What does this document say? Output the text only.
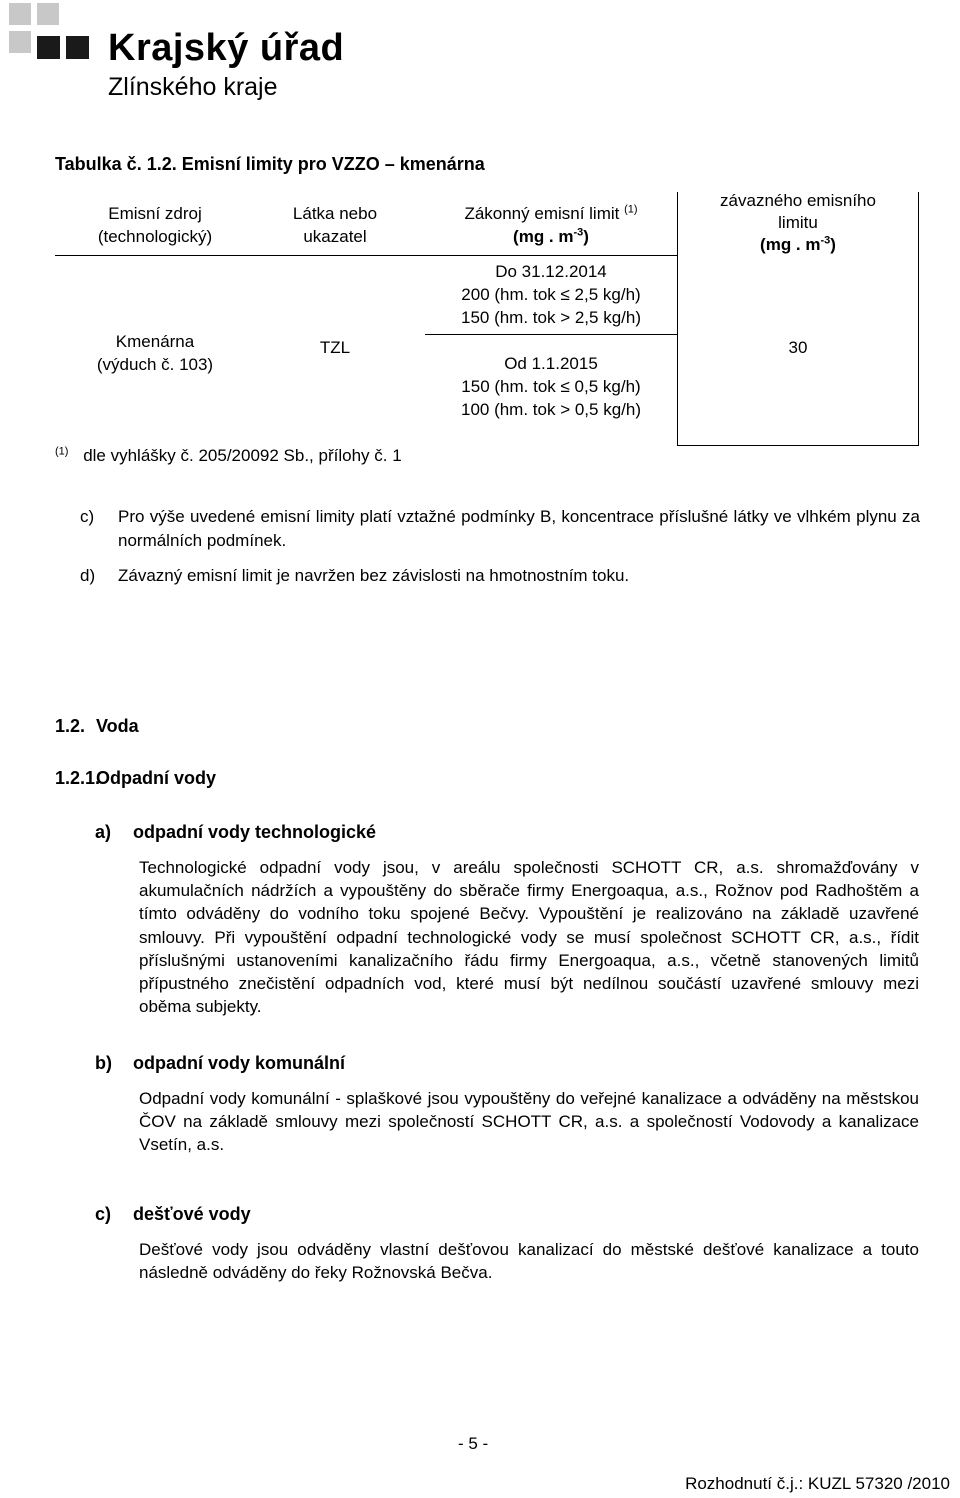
Krajský úřad
Zlínského kraje
Tabulka č. 1.2. Emisní limity pro VZZO – kmenárna
Emisní zdroj
(technologický)
Látka nebo
ukazatel
Zákonný emisní limit $^{(1)}$
(mg . $m^{-3}$)
závazného emisního
limitu
(mg . $m^{-3}$)
Kmenárna
(výduch č. 103)
TZL
Do 31.12.2014
200 (hm. tok ≤ 2,5 kg/h)
150 (hm. tok > 2,5 kg/h)
Od 1.1.2015
150 (hm. tok ≤ 0,5 kg/h)
100 (hm. tok > 0,5 kg/h)
30
$^{(1)}$ dle vyhlášky č. 205/20092 Sb., přílohy č. 1
c) Pro výše uvedené emisní limity platí vztažné podmínky B, koncentrace příslušné látky ve vlhkém plynu za normálních podmínek.
d) Závazný emisní limit je navržen bez závislosti na hmotnostním toku.
1.2. Voda
1.2.1.Odpadní vody
a) odpadní vody technologické
Technologické odpadní vody jsou, v areálu společnosti SCHOTT CR, a.s. shromažďovány v akumulačních nádržích a vypouštěny do sběrače firmy Energoaqua, a.s., Rožnov pod Radhoštěm a tímto odváděny do vodního toku spojené Bečvy. Vypouštění je realizováno na základě uzavřené smlouvy. Při vypouštění odpadní technologické vody se musí společnost SCHOTT CR, a.s., řídit příslušnými ustanoveními kanalizačního řádu firmy Energoaqua, a.s., včetně stanovených limitů přípustného znečistění odpadních vod, které musí být nedílnou součástí uzavřené smlouvy mezi oběma subjekty.
b) odpadní vody komunální
Odpadní vody komunální - splaškové jsou vypouštěny do veřejné kanalizace a odváděny na městskou ČOV na základě smlouvy mezi společností SCHOTT CR, a.s. a společností Vodovody a kanalizace Vsetín, a.s.
c) dešťové vody
Dešťové vody jsou odváděny vlastní dešťovou kanalizací do městské dešťové kanalizace a touto následně odváděny do řeky Rožnovská Bečva.
- 5 -
Rozhodnutí č.j.: KUZL 57320 /2010
